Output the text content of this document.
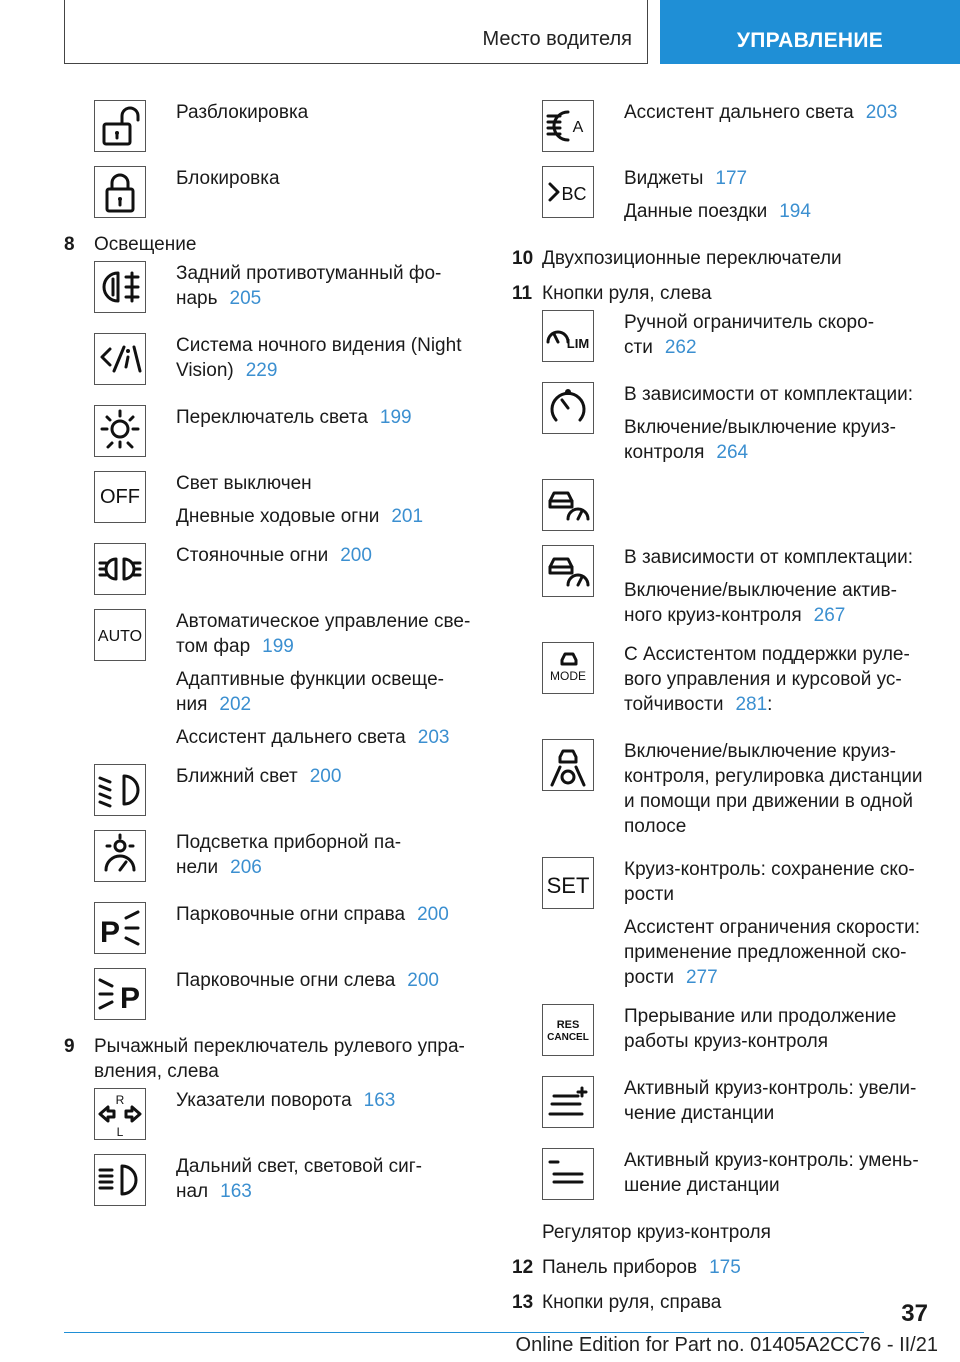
Место водителя	УПРАВЛЕНИЕ

Разблокировка

Блокировка

8	Освещение

Задний противотуманный фо-
нарь 205

Система ночного видения (Night
Vision) 229

Переключатель света 199

OFF

Свет выключен

Дневные ходовые огни 201

Стояночные огни 200

AUTO

Автоматическое управление све-
том фар 199

Адаптивные функции освеще-
ния 202

Ассистент дальнего света 203

Ближний свет 200

Подсветка приборной па-
нели 206

P

Парковочные огни справа 200

P

Парковочные огни слева 200

9	Рычажный переключатель рулевого упра-
вления, слева
R
L

Указатели поворота 163

Дальний свет, световой сиг-
нал 163

A

Ассистент дальнего света 203

BC

Виджеты 177

Данные поездки 194

10 Двухпозиционные переключатели
11 Кнопки руля, слева
LIM

Ручной ограничитель скоро-
сти 262

В зависимости от комплектации:

Включение/выключение круиз-
контроля 264

В зависимости от комплектации:

Включение/выключение актив-
ного круиз-контроля 267

MODE

С Ассистентом поддержки руле-
вого управления и курсовой ус-
тойчивости 281:

Включение/выключение круиз-
контроля, регулировка дистанции
и помощи при движении в одной
полосе

SET

Круиз-контроль: сохранение ско-
рости

Ассистент ограничения скорости:
применение предложенной ско-
рости 277

RES
CANCEL

Прерывание или продолжение
работы круиз-контроля

Активный круиз-контроль: увели-
чение дистанции

Активный круиз-контроль: умень-
шение дистанции

Регулятор круиз-контроля
12 Панель приборов 175
13 Кнопки руля, справа	37
Online Edition for Part no. 01405A2CC76 - II/21
